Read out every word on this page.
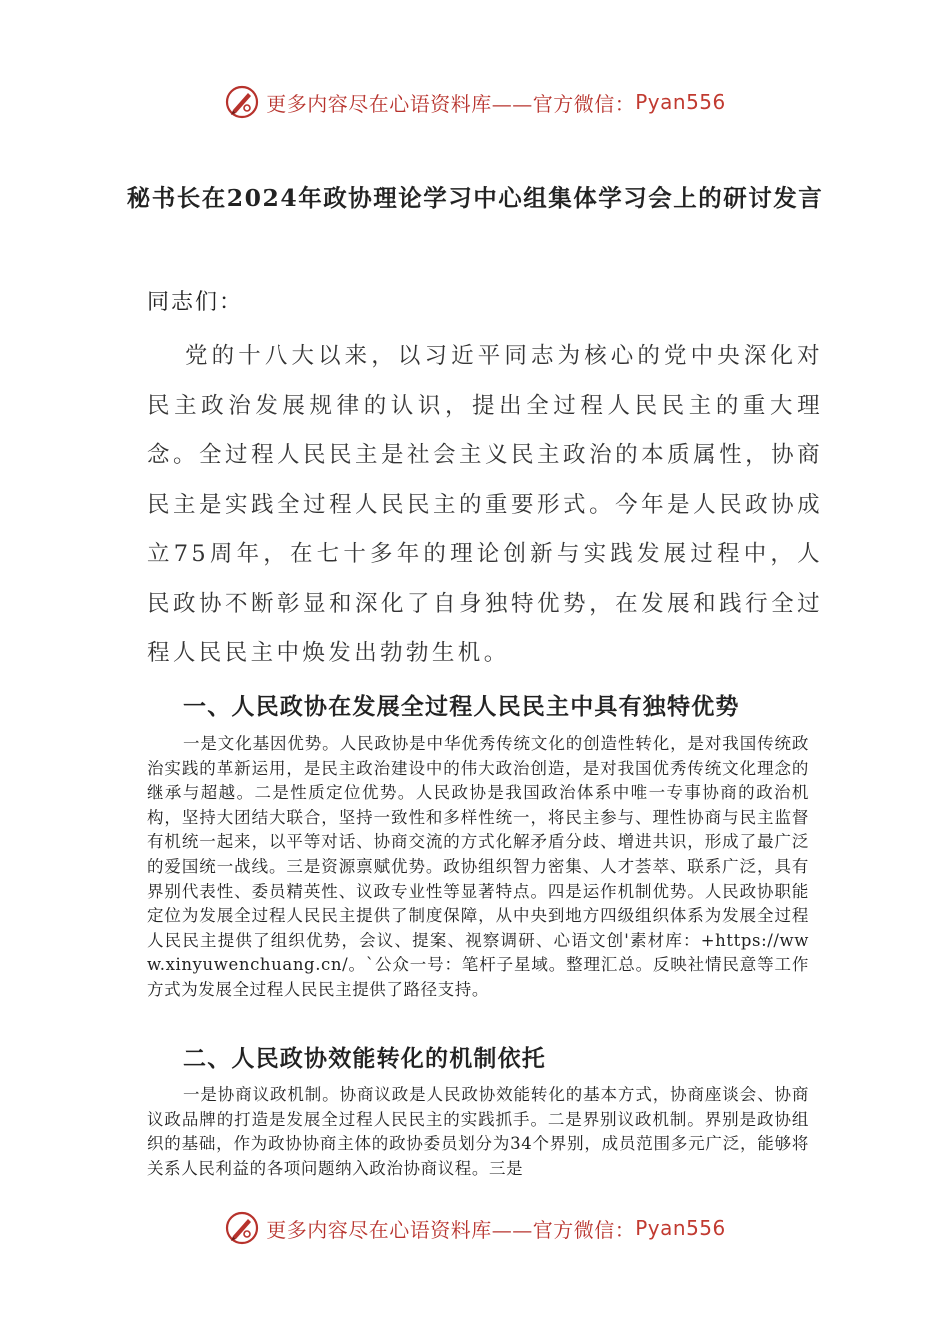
更多内容尽在心语资料库——官方微信： Pyan556
秘书长在2024年政协理论学习中心组集体学习会上的研讨发言
同志们：
党的十八大以来，以习近平同志为核心的党中央深化对民主政治发展规律的认识，提出全过程人民民主的重大理念。全过程人民民主是社会主义民主政治的本质属性，协商民主是实践全过程人民民主的重要形式。今年是人民政协成立75周年，在七十多年的理论创新与实践发展过程中，人民政协不断彰显和深化了自身独特优势，在发展和践行全过程人民民主中焕发出勃勃生机。
一、人民政协在发展全过程人民民主中具有独特优势
一是文化基因优势。人民政协是中华优秀传统文化的创造性转化，是对我国传统政治实践的革新运用，是民主政治建设中的伟大政治创造，是对我国优秀传统文化理念的继承与超越。二是性质定位优势。人民政协是我国政治体系中唯一专事协商的政治机构，坚持大团结大联合，坚持一致性和多样性统一，将民主参与、理性协商与民主监督有机统一起来，以平等对话、协商交流的方式化解矛盾分歧、增进共识，形成了最广泛的爱国统一战线。三是资源禀赋优势。政协组织智力密集、人才荟萃、联系广泛，具有界别代表性、委员精英性、议政专业性等显著特点。四是运作机制优势。人民政协职能定位为发展全过程人民民主提供了制度保障，从中央到地方四级组织体系为发展全过程人民民主提供了组织优势，会议、提案、视察调研、心语文创'素材库：+https://www.xinyuwenchuang.cn/。`公众一号：笔杆子星域。整理汇总。反映社情民意等工作方式为发展全过程人民民主提供了路径支持。
二、人民政协效能转化的机制依托
一是协商议政机制。协商议政是人民政协效能转化的基本方式，协商座谈会、协商议政品牌的打造是发展全过程人民民主的实践抓手。二是界别议政机制。界别是政协组织的基础，作为政协协商主体的政协委员划分为34个界别，成员范围多元广泛，能够将关系人民利益的各项问题纳入政治协商议程。三是
更多内容尽在心语资料库——官方微信： Pyan556
